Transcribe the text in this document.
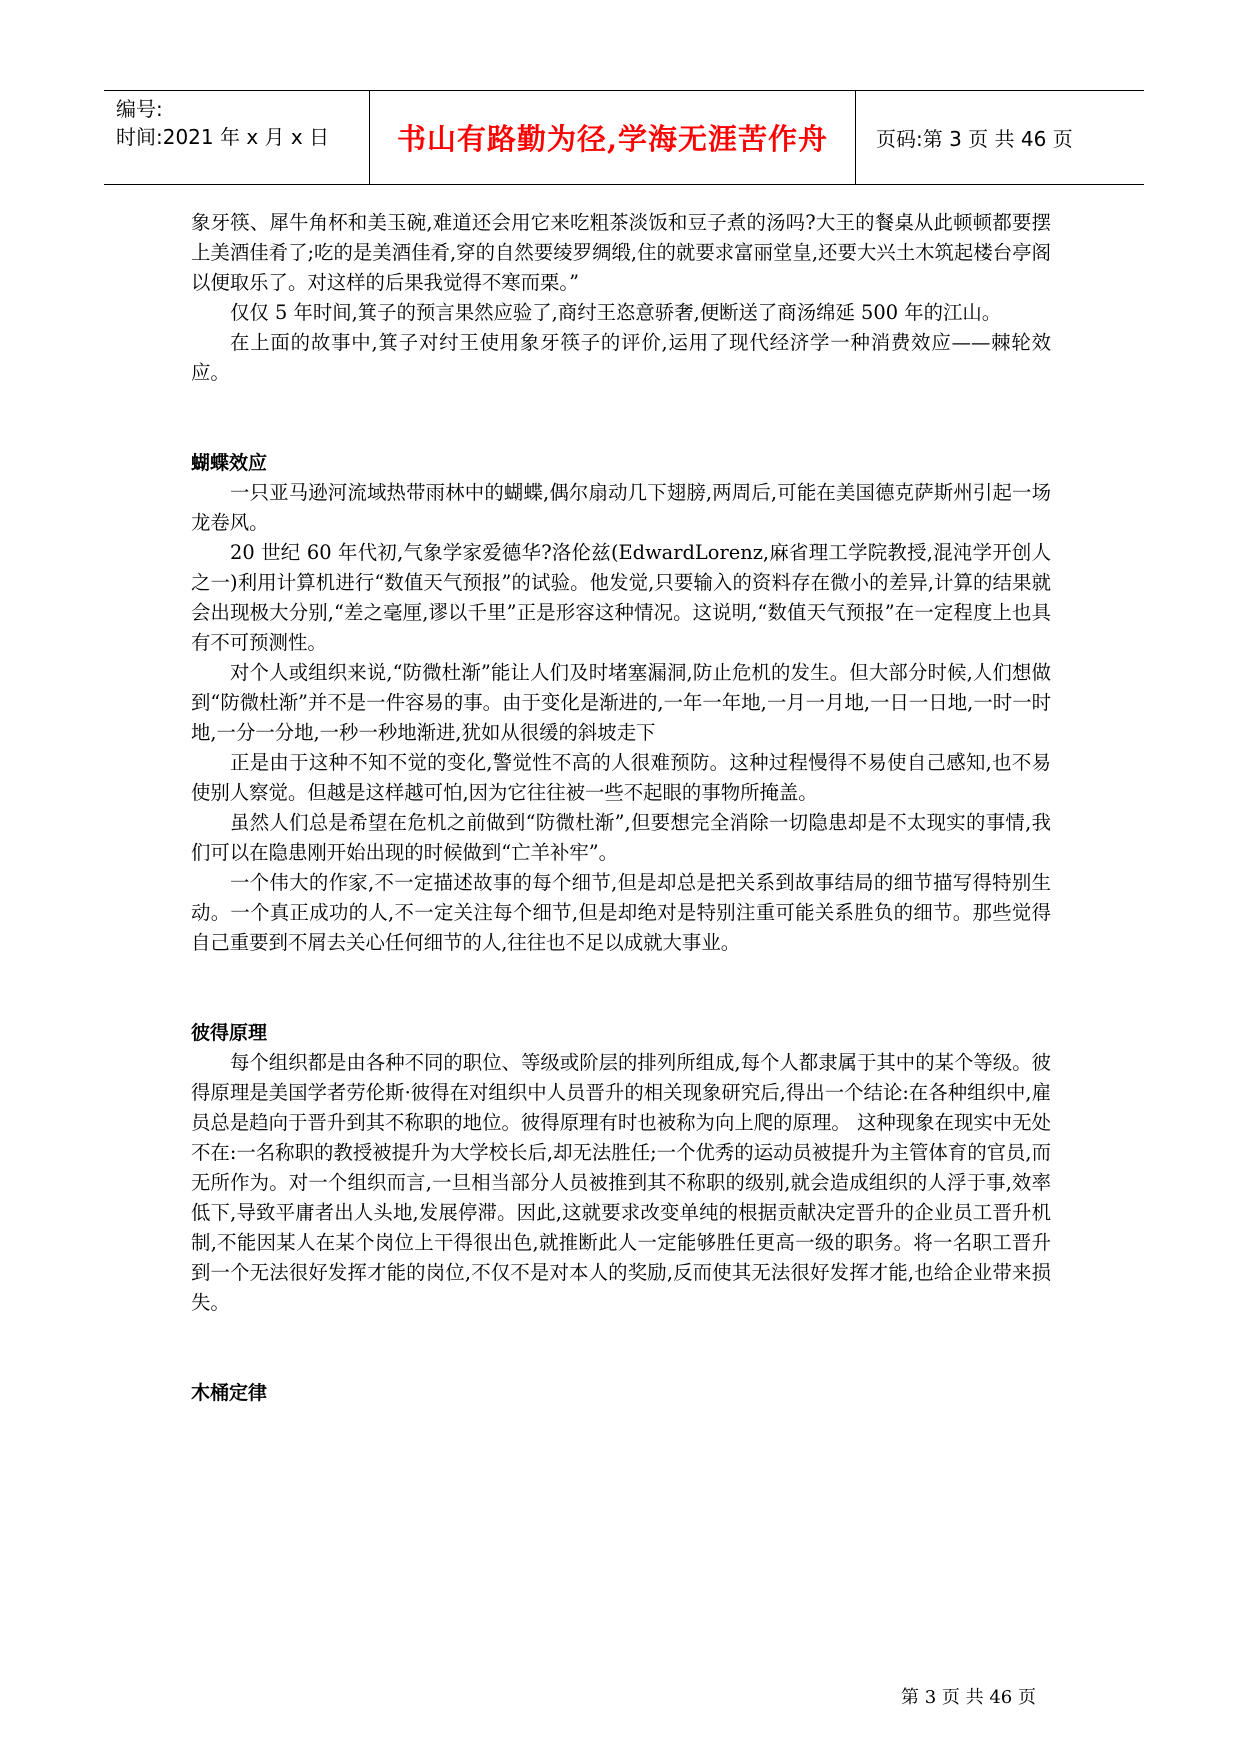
编号:
时间:2021 年 x 月 x 日	书山有路勤为径,学海无涯苦作舟 页码:第 3 页 共 46 页

象牙筷、犀牛角杯和美玉碗,难道还会用它来吃粗茶淡饭和豆子煮的汤吗?大王的餐桌从此顿顿都要摆上美酒佳肴了;吃的是美酒佳肴,穿的自然要绫罗绸缎,住的就要求富丽堂皇,还要大兴土木筑起楼台亭阁以便取乐了。对这样的后果我觉得不寒而栗。”

仅仅 5 年时间,箕子的预言果然应验了,商纣王恣意骄奢,便断送了商汤绵延 500 年的江山。

在上面的故事中,箕子对纣王使用象牙筷子的评价,运用了现代经济学一种消费效应——棘轮效应。

蝴蝶效应

一只亚马逊河流域热带雨林中的蝴蝶,偶尔扇动几下翅膀,两周后,可能在美国德克萨斯州引起一场龙卷风。

20 世纪 60 年代初,气象学家爱德华?洛伦兹(EdwardLorenz,麻省理工学院教授,混沌学开创人之一)利用计算机进行“数值天气预报”的试验。他发觉,只要输入的资料存在微小的差异,计算的结果就会出现极大分别,“差之毫厘,谬以千里”正是形容这种情况。这说明,“数值天气预报”在一定程度上也具有不可预测性。

对个人或组织来说,“防微杜渐”能让人们及时堵塞漏洞,防止危机的发生。但大部分时候,人们想做到“防微杜渐”并不是一件容易的事。由于变化是渐进的,一年一年地,一月一月地,一日一日地,一时一时地,一分一分地,一秒一秒地渐进,犹如从很缓的斜坡走下

正是由于这种不知不觉的变化,警觉性不高的人很难预防。这种过程慢得不易使自己感知,也不易使别人察觉。但越是这样越可怕,因为它往往被一些不起眼的事物所掩盖。

虽然人们总是希望在危机之前做到“防微杜渐”,但要想完全消除一切隐患却是不太现实的事情,我们可以在隐患刚开始出现的时候做到“亡羊补牢”。

一个伟大的作家,不一定描述故事的每个细节,但是却总是把关系到故事结局的细节描写得特别生动。一个真正成功的人,不一定关注每个细节,但是却绝对是特别注重可能关系胜负的细节。那些觉得自己重要到不屑去关心任何细节的人,往往也不足以成就大事业。

彼得原理

每个组织都是由各种不同的职位、等级或阶层的排列所组成,每个人都隶属于其中的某个等级。彼得原理是美国学者劳伦斯·彼得在对组织中人员晋升的相关现象研究后,得出一个结论:在各种组织中,雇员总是趋向于晋升到其不称职的地位。彼得原理有时也被称为向上爬的原理。 这种现象在现实中无处不在:一名称职的教授被提升为大学校长后,却无法胜任;一个优秀的运动员被提升为主管体育的官员,而无所作为。对一个组织而言,一旦相当部分人员被推到其不称职的级别,就会造成组织的人浮于事,效率低下,导致平庸者出人头地,发展停滞。因此,这就要求改变单纯的根据贡献决定晋升的企业员工晋升机制,不能因某人在某个岗位上干得很出色,就推断此人一定能够胜任更高一级的职务。将一名职工晋升到一个无法很好发挥才能的岗位,不仅不是对本人的奖励,反而使其无法很好发挥才能,也给企业带来损失。

木桶定律
第 3 页 共 46 页
